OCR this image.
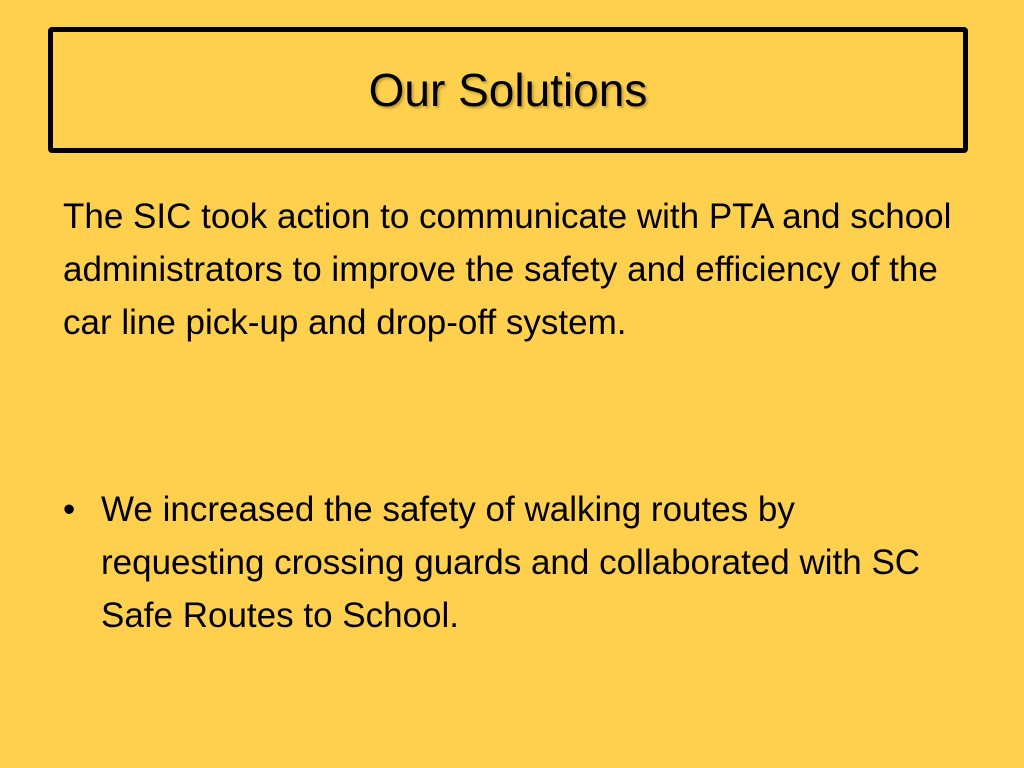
Our Solutions

The SIC took action to communicate with PTA and school administrators to improve the safety and efficiency of the car line pick-up and drop-off system.

• We increased the safety of walking routes by requesting crossing guards and collaborated with SC Safe Routes to School.
